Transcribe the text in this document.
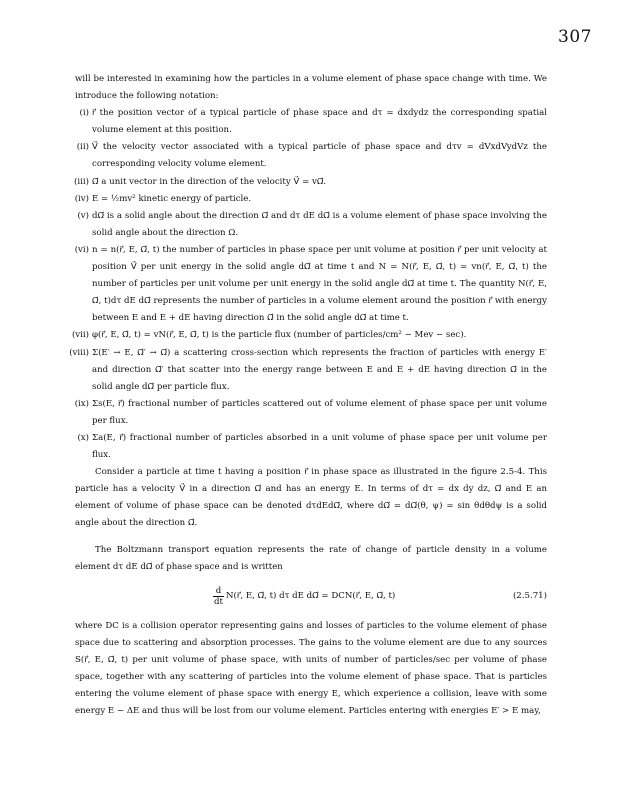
307

will be interested in examining how the particles in a volume element of phase space change with time. We introduce the following notation:

(i) r⃗ the position vector of a typical particle of phase space and dτ = dxdydz the corresponding spatial volume element at this position.
(ii) V⃗ the velocity vector associated with a typical particle of phase space and dτv = dVxdVydVz the corresponding velocity volume element.
(iii) Ω⃗ a unit vector in the direction of the velocity V⃗ = vΩ⃗.
(iv) E = ½mv² kinetic energy of particle.
(v) dΩ⃗ is a solid angle about the direction Ω⃗ and dτ dE dΩ⃗ is a volume element of phase space involving the solid angle about the direction Ω.
(vi) n = n(r⃗, E, Ω⃗, t) the number of particles in phase space per unit volume at position r⃗ per unit velocity at position V⃗ per unit energy in the solid angle dΩ⃗ at time t and N = N(r⃗, E, Ω⃗, t) = vn(r⃗, E, Ω⃗, t) the number of particles per unit volume per unit energy in the solid angle dΩ⃗ at time t. The quantity N(r⃗, E, Ω⃗, t)dτ dE dΩ⃗ represents the number of particles in a volume element around the position r⃗ with energy between E and E + dE having direction Ω⃗ in the solid angle dΩ⃗ at time t.
(vii) φ(r⃗, E, Ω⃗, t) = vN(r⃗, E, Ω⃗, t) is the particle flux (number of particles/cm² − Mev − sec).
(viii) Σ(E′ → E, Ω⃗′ → Ω⃗) a scattering cross-section which represents the fraction of particles with energy E′ and direction Ω⃗′ that scatter into the energy range between E and E + dE having direction Ω⃗ in the solid angle dΩ⃗ per particle flux.
(ix) Σs(E, r⃗) fractional number of particles scattered out of volume element of phase space per unit volume per flux.
(x) Σa(E, r⃗) fractional number of particles absorbed in a unit volume of phase space per unit volume per flux.

Consider a particle at time t having a position r⃗ in phase space as illustrated in the figure 2.5-4. This particle has a velocity V⃗ in a direction Ω⃗ and has an energy E. In terms of dτ = dx dy dz, Ω⃗ and E an element of volume of phase space can be denoted dτdEdΩ⃗, where dΩ⃗ = dΩ⃗(θ, ψ) = sin θdθdψ is a solid angle about the direction Ω⃗.

The Boltzmann transport equation represents the rate of change of particle density in a volume element dτ dE dΩ⃗ of phase space and is written

$\frac{d}{dt}$ N(r⃗, E, Ω⃗, t) dτ dE dΩ⃗ = DCN(r⃗, E, Ω⃗, t)	(2.5.71)

where DC is a collision operator representing gains and losses of particles to the volume element of phase space due to scattering and absorption processes. The gains to the volume element are due to any sources S(r⃗, E, Ω⃗, t) per unit volume of phase space, with units of number of particles/sec per volume of phase space, together with any scattering of particles into the volume element of phase space. That is particles entering the volume element of phase space with energy E, which experience a collision, leave with some energy E − ΔE and thus will be lost from our volume element. Particles entering with energies E′ > E may,
